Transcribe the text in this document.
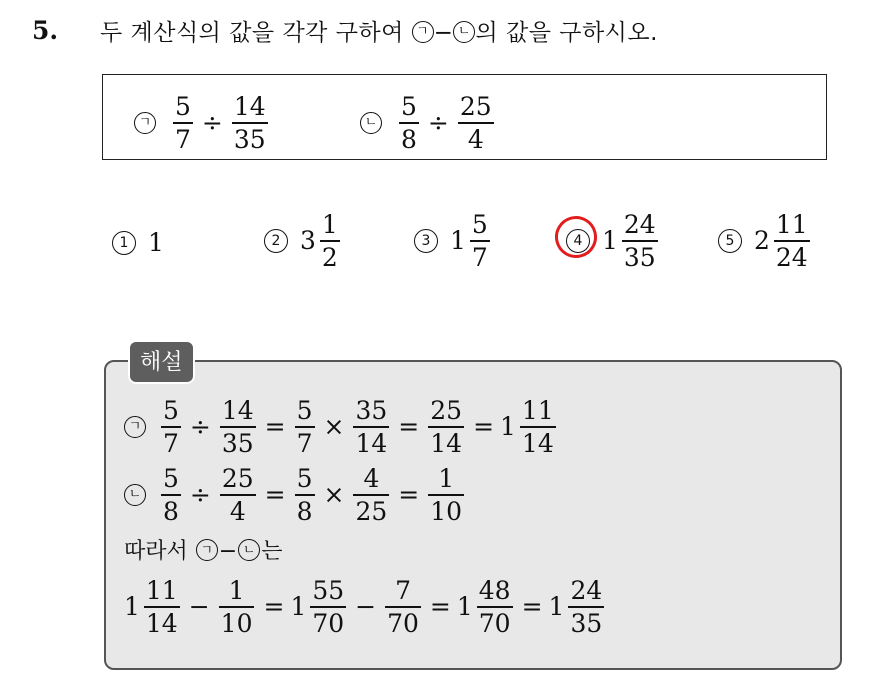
5. 두 계산식의 값을 각각 구하여 ㄱ − ㄴ 의 값을 구하시오.
ㄱ $\frac{5}{7} \div \frac{14}{35}$	ㄴ $\frac{5}{8} \div \frac{25}{4}$
1 1	2 $3 \frac{1}{2}$	3 $1 \frac{5}{7}$	4 $1 \frac{24}{35}$	5 $2 \frac{11}{24}$
해설
ㄱ $\frac{5}{7} \div \frac{14}{35} = \frac{5}{7} \times \frac{35}{14} = \frac{25}{14} = 1 \frac{11}{14}$
ㄴ $\frac{5}{8} \div \frac{25}{4} = \frac{5}{8} \times \frac{4}{25} = \frac{1}{10}$
따라서 ㄱ − ㄴ 는
$1 \frac{11}{14} - \frac{1}{10} = 1 \frac{55}{70} - \frac{7}{70} = 1 \frac{48}{70} = 1 \frac{24}{35}$
